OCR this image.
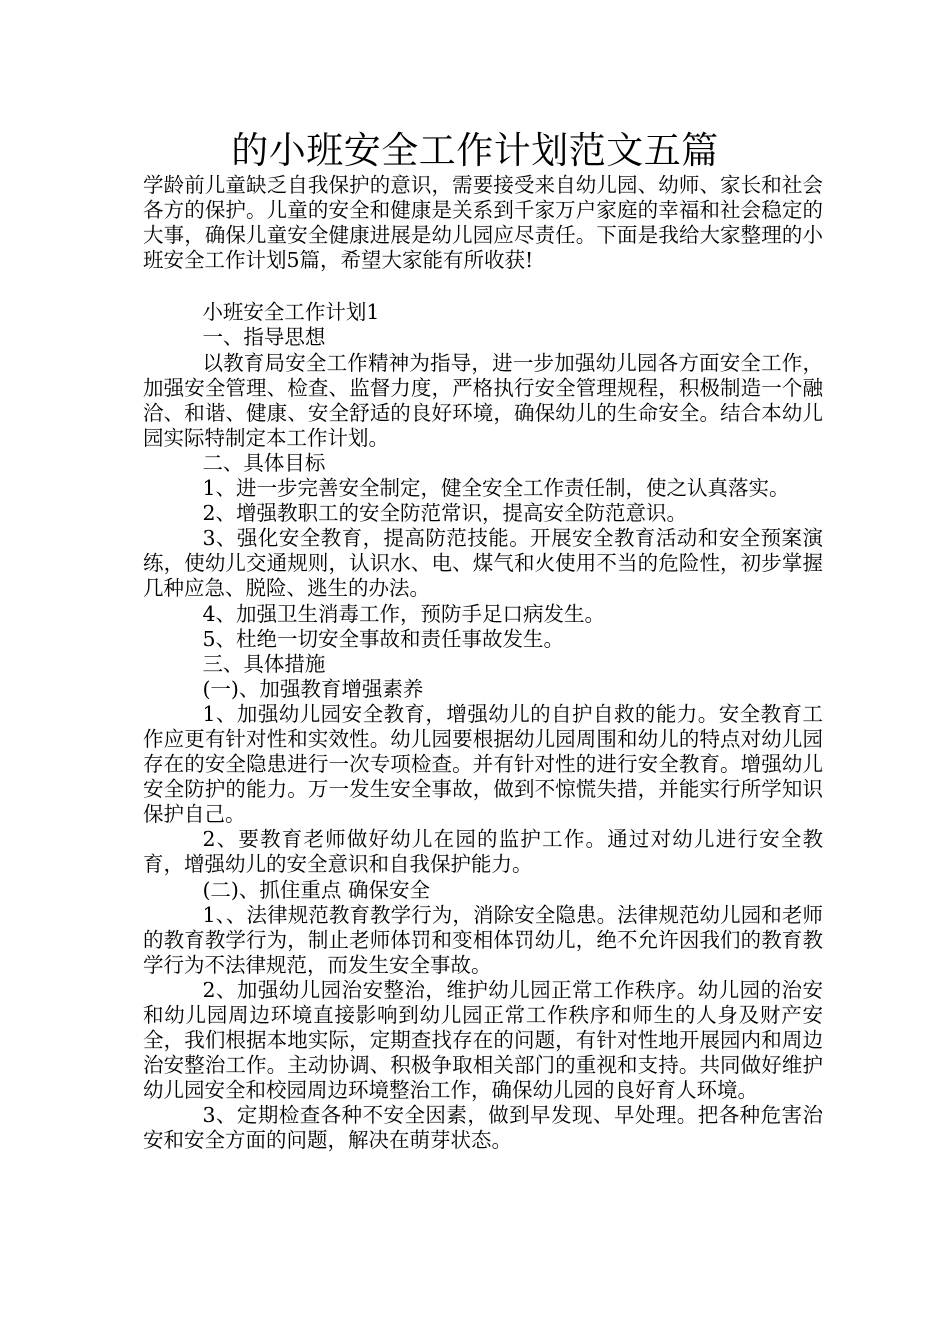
的小班安全工作计划范文五篇

学龄前儿童缺乏自我保护的意识，需要接受来自幼儿园、幼师、家长和社会各方的保护。儿童的安全和健康是关系到千家万户家庭的幸福和社会稳定的大事，确保儿童安全健康进展是幼儿园应尽责任。下面是我给大家整理的小班安全工作计划5篇，希望大家能有所收获!

小班安全工作计划1

一、指导思想

以教育局安全工作精神为指导，进一步加强幼儿园各方面安全工作，加强安全管理、检查、监督力度，严格执行安全管理规程，积极制造一个融洽、和谐、健康、安全舒适的良好环境，确保幼儿的生命安全。结合本幼儿园实际特制定本工作计划。

二、具体目标

1、进一步完善安全制定，健全安全工作责任制，使之认真落实。

2、增强教职工的安全防范常识，提高安全防范意识。

3、强化安全教育，提高防范技能。开展安全教育活动和安全预案演练，使幼儿交通规则，认识水、电、煤气和火使用不当的危险性，初步掌握几种应急、脱险、逃生的办法。

4、加强卫生消毒工作，预防手足口病发生。

5、杜绝一切安全事故和责任事故发生。

三、具体措施

(一)、加强教育增强素养

1、加强幼儿园安全教育，增强幼儿的自护自救的能力。安全教育工作应更有针对性和实效性。幼儿园要根据幼儿园周围和幼儿的特点对幼儿园存在的安全隐患进行一次专项检查。并有针对性的进行安全教育。增强幼儿安全防护的能力。万一发生安全事故，做到不惊慌失措，并能实行所学知识保护自己。

2、要教育老师做好幼儿在园的监护工作。通过对幼儿进行安全教育，增强幼儿的安全意识和自我保护能力。

(二)、抓住重点 确保安全

1、、法律规范教育教学行为，消除安全隐患。法律规范幼儿园和老师的教育教学行为，制止老师体罚和变相体罚幼儿，绝不允许因我们的教育教学行为不法律规范，而发生安全事故。

2、加强幼儿园治安整治，维护幼儿园正常工作秩序。幼儿园的治安和幼儿园周边环境直接影响到幼儿园正常工作秩序和师生的人身及财产安全，我们根据本地实际，定期查找存在的问题，有针对性地开展园内和周边治安整治工作。主动协调、积极争取相关部门的重视和支持。共同做好维护幼儿园安全和校园周边环境整治工作，确保幼儿园的良好育人环境。

3、定期检查各种不安全因素，做到早发现、早处理。把各种危害治安和安全方面的问题，解决在萌芽状态。
